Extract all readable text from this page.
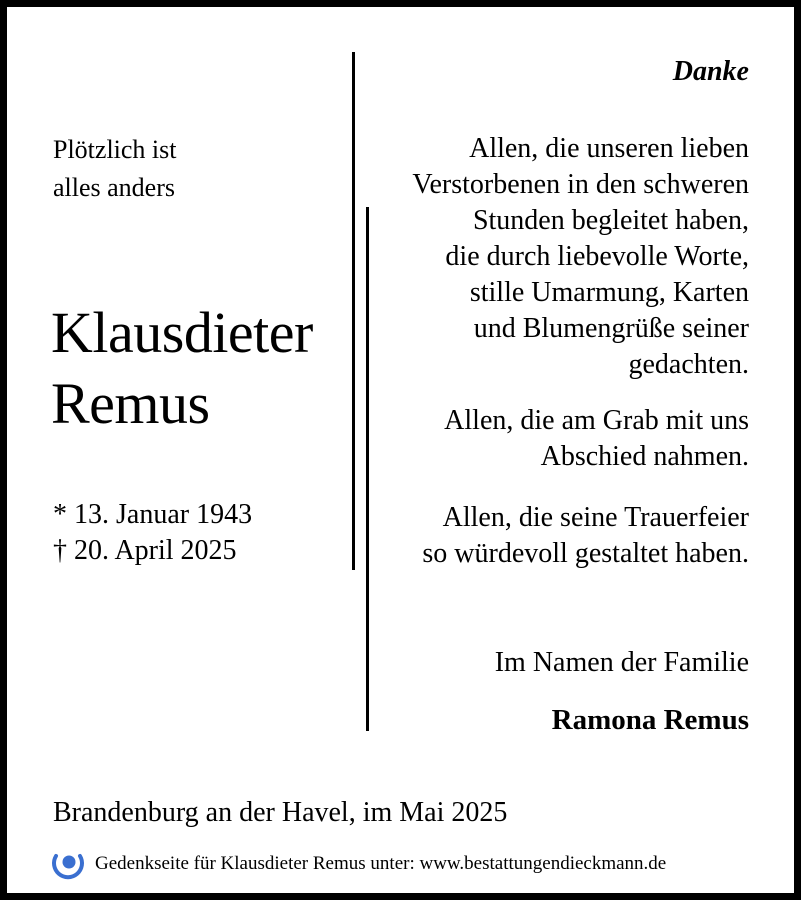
Plötzlich ist
alles anders
Klausdieter
Remus
* 13. Januar 1943
† 20. April 2025
Danke
Allen, die unseren lieben
Verstorbenen in den schweren
Stunden begleitet haben,
die durch liebevolle Worte,
stille Umarmung, Karten
und Blumengrüße seiner
gedachten.
Allen, die am Grab mit uns
Abschied nahmen.
Allen, die seine Trauerfeier
so würdevoll gestaltet haben.
Im Namen der Familie
Ramona Remus
Brandenburg an der Havel, im Mai 2025
Gedenkseite für Klausdieter Remus unter: www.bestattungendieckmann.de
